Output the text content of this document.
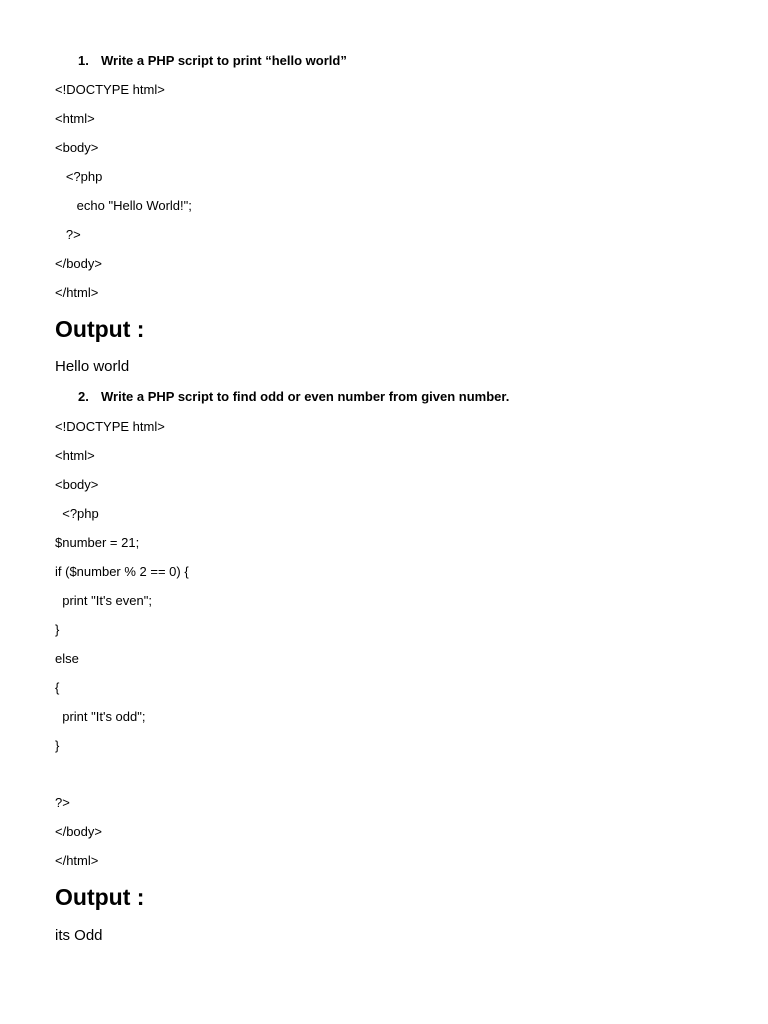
1. Write a PHP script to print “hello world”
<!DOCTYPE html>
<html>
<body>
<?php
echo "Hello World!";
?>
</body>
</html>
Output :
Hello world
2. Write a PHP script to find odd or even number from given number.
<!DOCTYPE html>
<html>
<body>
<?php
$number = 21;
if ($number % 2 == 0) {
print "It's even";
}
else
{
print "It's odd";
}
?>
</body>
</html>
Output :
its Odd
